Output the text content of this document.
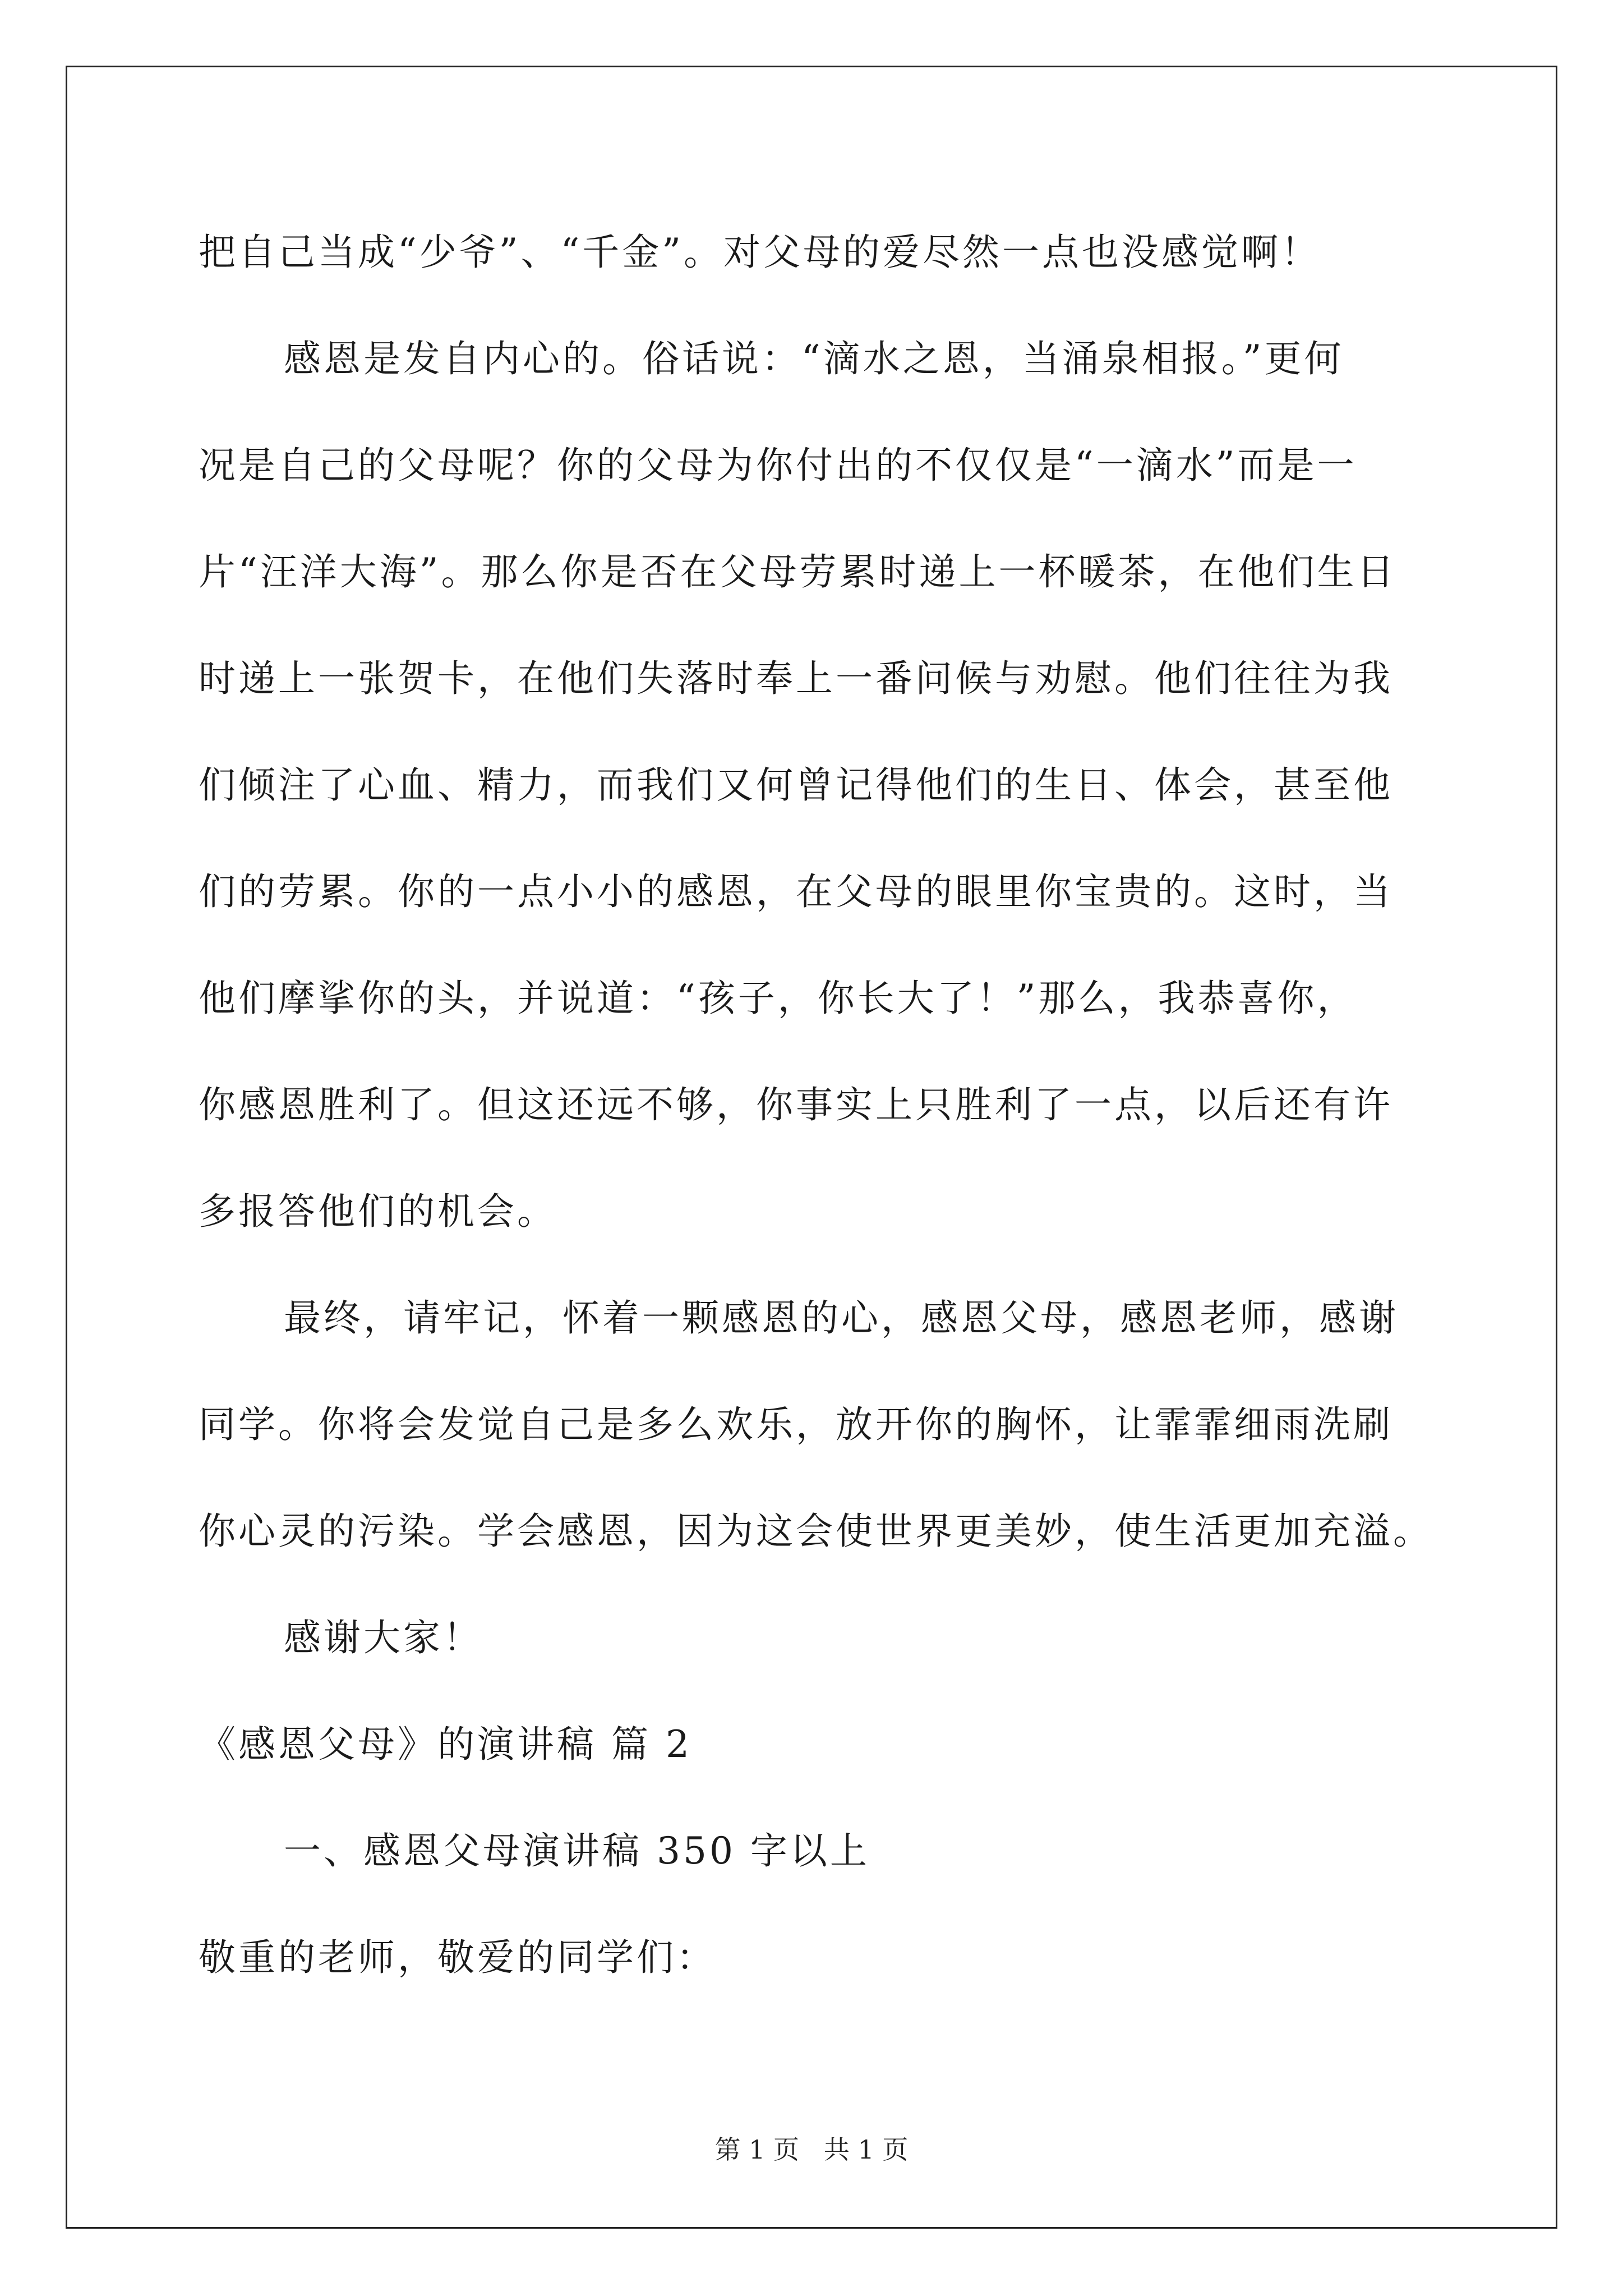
把自己当成“少爷”、“千金”。对父母的爱尽然一点也没感觉啊！

感恩是发自内心的。俗话说：“滴水之恩，当涌泉相报。”更何

况是自己的父母呢？你的父母为你付出的不仅仅是“一滴水”而是一

片“汪洋大海”。那么你是否在父母劳累时递上一杯暖茶，在他们生日

时递上一张贺卡，在他们失落时奉上一番问候与劝慰。他们往往为我

们倾注了心血、精力，而我们又何曾记得他们的生日、体会，甚至他

们的劳累。你的一点小小的感恩，在父母的眼里你宝贵的。这时，当

他们摩挲你的头，并说道：“孩子，你长大了！”那么，我恭喜你，

你感恩胜利了。但这还远不够，你事实上只胜利了一点，以后还有许

多报答他们的机会。

最终，请牢记，怀着一颗感恩的心，感恩父母，感恩老师，感谢

同学。你将会发觉自己是多么欢乐，放开你的胸怀，让霏霏细雨洗刷

你心灵的污染。学会感恩，因为这会使世界更美妙，使生活更加充溢。

感谢大家！

《感恩父母》的演讲稿 篇 2

一、感恩父母演讲稿 350 字以上

敬重的老师，敬爱的同学们：

第 1 页   共 1 页
